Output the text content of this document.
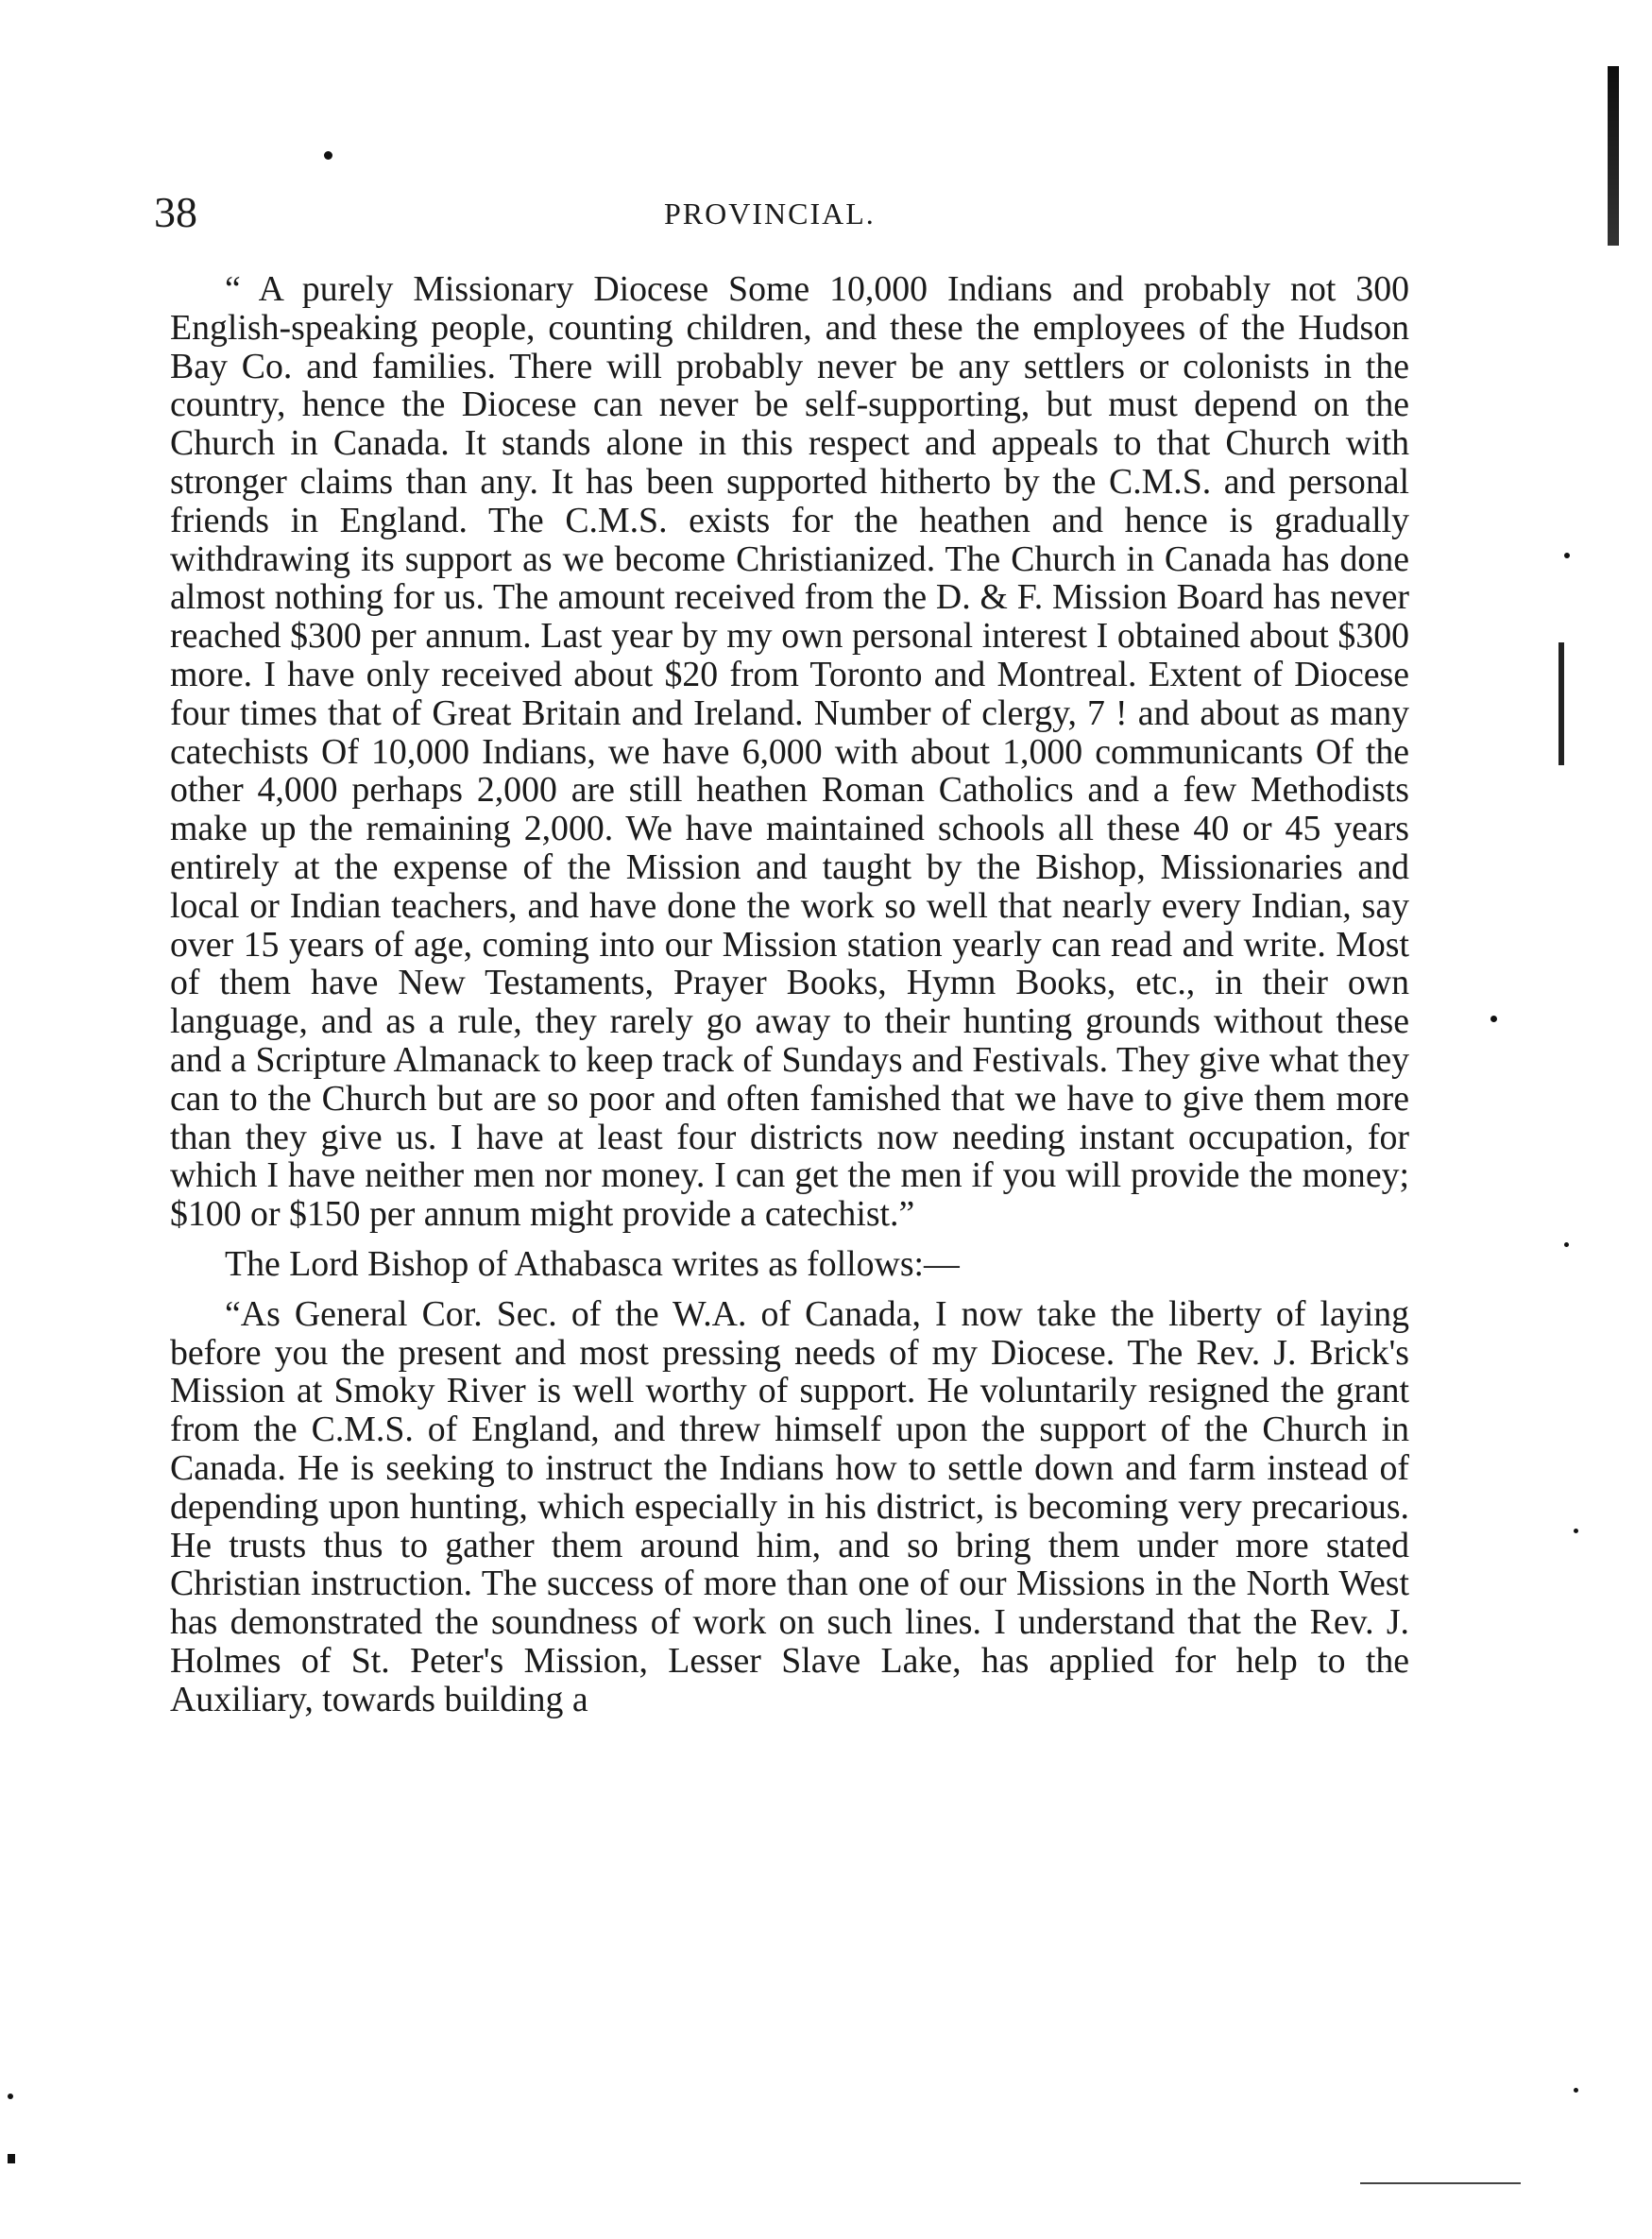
38	PROVINCIAL.

“ A purely Missionary Diocese Some 10,000 Indians and probably not 300 English-speaking people, counting children, and these the employees of the Hudson Bay Co. and families. There will probably never be any settlers or colonists in the country, hence the Diocese can never be self-supporting, but must depend on the Church in Canada. It stands alone in this respect and appeals to that Church with stronger claims than any. It has been supported hitherto by the C.M.S. and personal friends in England. The C.M.S. exists for the heathen and hence is gradually withdrawing its support as we become Christianized. The Church in Canada has done almost nothing for us. The amount received from the D. & F. Mission Board has never reached $300 per annum. Last year by my own personal interest I obtained about $300 more. I have only received about $20 from Toronto and Montreal. Extent of Diocese four times that of Great Britain and Ireland. Number of clergy, 7 ! and about as many catechists Of 10,000 Indians, we have 6,000 with about 1,000 communicants Of the other 4,000 perhaps 2,000 are still heathen Roman Catholics and a few Methodists make up the remaining 2,000. We have maintained schools all these 40 or 45 years entirely at the expense of the Mission and taught by the Bishop, Missionaries and local or Indian teachers, and have done the work so well that nearly every Indian, say over 15 years of age, coming into our Mission station yearly can read and write. Most of them have New Testaments, Prayer Books, Hymn Books, etc., in their own language, and as a rule, they rarely go away to their hunting grounds without these and a Scripture Almanack to keep track of Sundays and Festivals. They give what they can to the Church but are so poor and often famished that we have to give them more than they give us. I have at least four districts now needing instant occupation, for which I have neither men nor money. I can get the men if you will provide the money; $100 or $150 per annum might provide a catechist.”

The Lord Bishop of Athabasca writes as follows:—

“As General Cor. Sec. of the W.A. of Canada, I now take the liberty of laying before you the present and most pressing needs of my Diocese. The Rev. J. Brick's Mission at Smoky River is well worthy of support. He voluntarily resigned the grant from the C.M.S. of England, and threw himself upon the support of the Church in Canada. He is seeking to instruct the Indians how to settle down and farm instead of depending upon hunting, which especially in his district, is becoming very precarious. He trusts thus to gather them around him, and so bring them under more stated Christian instruction. The success of more than one of our Missions in the North West has demonstrated the soundness of work on such lines. I understand that the Rev. J. Holmes of St. Peter's Mission, Lesser Slave Lake, has applied for help to the Auxiliary, towards building a
